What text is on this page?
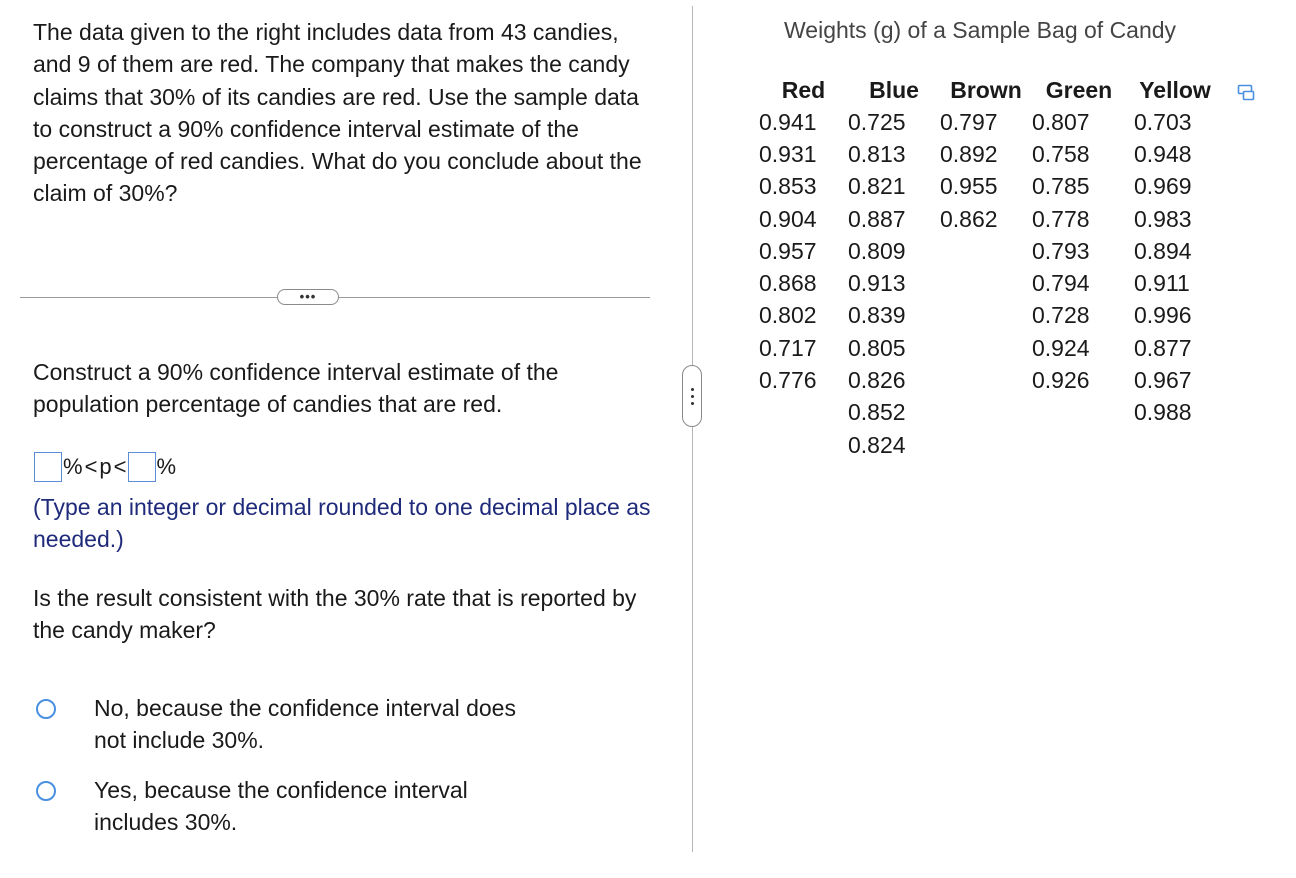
The data given to the right includes data from 43 candies, and 9 of them are red. The company that makes the candy claims that 30% of its candies are red. Use the sample data to construct a 90% confidence interval estimate of the percentage of red candies. What do you conclude about the claim of 30%?

•••

Construct a 90% confidence interval estimate of the population percentage of candies that are red.

% < p < %

(Type an integer or decimal rounded to one decimal place as needed.)

Is the result consistent with the 30% rate that is reported by the candy maker?

No, because the confidence interval does not include 30%.
Yes, because the confidence interval includes 30%.
Weights (g) of a Sample Bag of Candy
Red	Blue	Brown	Green	Yellow
0.941	0.725	0.797	0.807	0.703
0.931	0.813	0.892	0.758	0.948
0.853	0.821	0.955	0.785	0.969
0.904	0.887	0.862	0.778	0.983
0.957	0.809		0.793	0.894
0.868	0.913		0.794	0.911
0.802	0.839		0.728	0.996
0.717	0.805		0.924	0.877
0.776	0.826		0.926	0.967
	0.852			0.988
	0.824			
